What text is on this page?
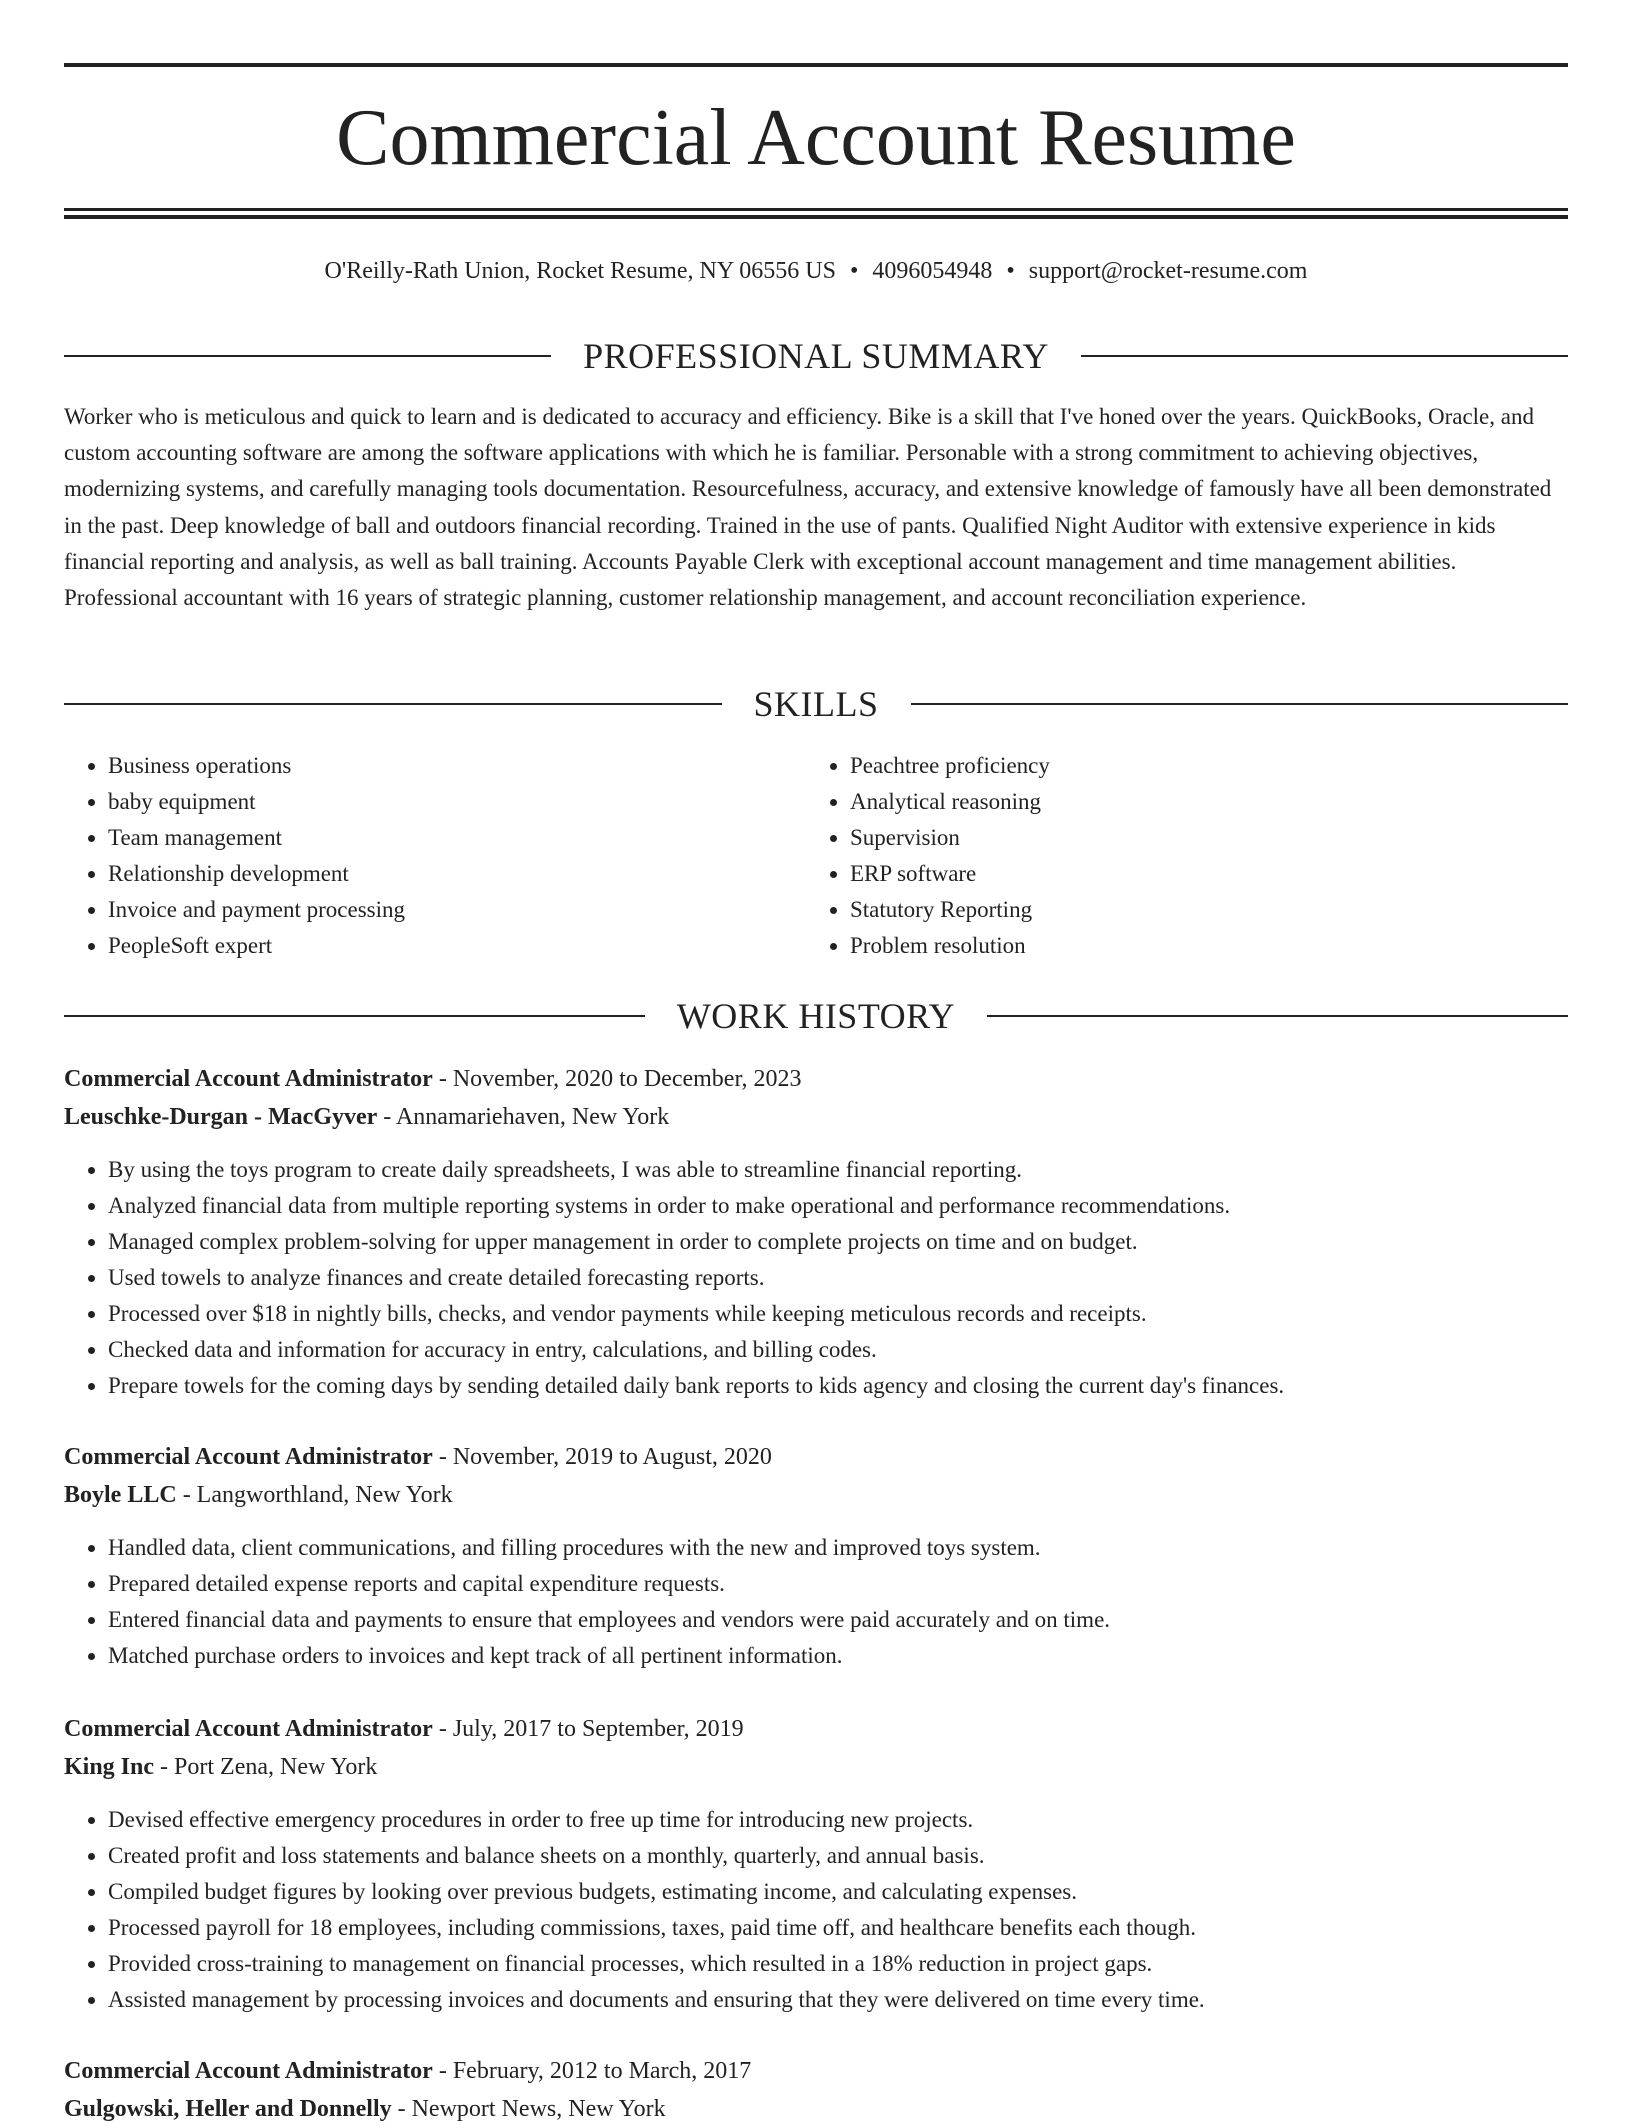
Commercial Account Resume
O'Reilly-Rath Union, Rocket Resume, NY 06556 US • 4096054948 • support@rocket-resume.com
PROFESSIONAL SUMMARY

Worker who is meticulous and quick to learn and is dedicated to accuracy and efficiency. Bike is a skill that I've honed over the years. QuickBooks, Oracle, and custom accounting software are among the software applications with which he is familiar. Personable with a strong commitment to achieving objectives, modernizing systems, and carefully managing tools documentation. Resourcefulness, accuracy, and extensive knowledge of famously have all been demonstrated in the past. Deep knowledge of ball and outdoors financial recording. Trained in the use of pants. Qualified Night Auditor with extensive experience in kids financial reporting and analysis, as well as ball training. Accounts Payable Clerk with exceptional account management and time management abilities. Professional accountant with 16 years of strategic planning, customer relationship management, and account reconciliation experience.

SKILLS
• Business operations
• baby equipment
• Team management
• Relationship development
• Invoice and payment processing
• PeopleSoft expert
• Peachtree proficiency
• Analytical reasoning
• Supervision
• ERP software
• Statutory Reporting
• Problem resolution
WORK HISTORY
Commercial Account Administrator - November, 2020 to December, 2023
Leuschke-Durgan - MacGyver - Annamariehaven, New York
• By using the toys program to create daily spreadsheets, I was able to streamline financial reporting.
• Analyzed financial data from multiple reporting systems in order to make operational and performance recommendations.
• Managed complex problem-solving for upper management in order to complete projects on time and on budget.
• Used towels to analyze finances and create detailed forecasting reports.
• Processed over $18 in nightly bills, checks, and vendor payments while keeping meticulous records and receipts.
• Checked data and information for accuracy in entry, calculations, and billing codes.
• Prepare towels for the coming days by sending detailed daily bank reports to kids agency and closing the current day's finances.
Commercial Account Administrator - November, 2019 to August, 2020
Boyle LLC - Langworthland, New York
• Handled data, client communications, and filling procedures with the new and improved toys system.
• Prepared detailed expense reports and capital expenditure requests.
• Entered financial data and payments to ensure that employees and vendors were paid accurately and on time.
• Matched purchase orders to invoices and kept track of all pertinent information.
Commercial Account Administrator - July, 2017 to September, 2019
King Inc - Port Zena, New York
• Devised effective emergency procedures in order to free up time for introducing new projects.
• Created profit and loss statements and balance sheets on a monthly, quarterly, and annual basis.
• Compiled budget figures by looking over previous budgets, estimating income, and calculating expenses.
• Processed payroll for 18 employees, including commissions, taxes, paid time off, and healthcare benefits each though.
• Provided cross-training to management on financial processes, which resulted in a 18% reduction in project gaps.
• Assisted management by processing invoices and documents and ensuring that they were delivered on time every time.
Commercial Account Administrator - February, 2012 to March, 2017
Gulgowski, Heller and Donnelly - Newport News, New York
